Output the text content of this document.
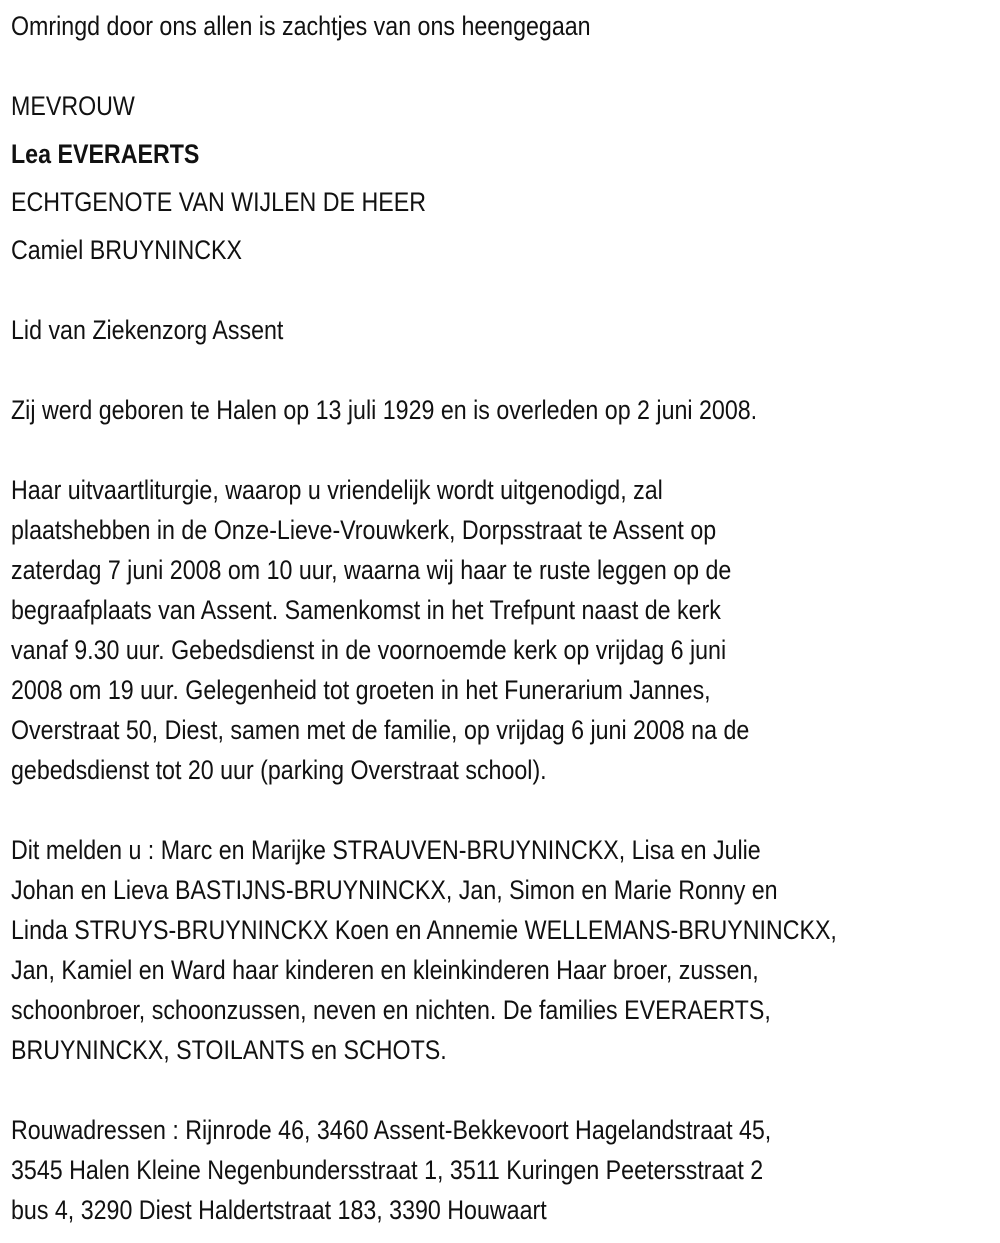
Omringd door ons allen is zachtjes van ons heengegaan
MEVROUW
Lea EVERAERTS
ECHTGENOTE VAN WIJLEN DE HEER
Camiel BRUYNINCKX
Lid van Ziekenzorg Assent
Zij werd geboren te Halen op 13 juli 1929 en is overleden op 2 juni 2008.
Haar uitvaartliturgie, waarop u vriendelijk wordt uitgenodigd, zal
plaatshebben in de Onze-Lieve-Vrouwkerk, Dorpsstraat te Assent op
zaterdag 7 juni 2008 om 10 uur, waarna wij haar te ruste leggen op de
begraafplaats van Assent. Samenkomst in het Trefpunt naast de kerk
vanaf 9.30 uur. Gebedsdienst in de voornoemde kerk op vrijdag 6 juni
2008 om 19 uur. Gelegenheid tot groeten in het Funerarium Jannes,
Overstraat 50, Diest, samen met de familie, op vrijdag 6 juni 2008 na de
gebedsdienst tot 20 uur (parking Overstraat school).
Dit melden u : Marc en Marijke STRAUVEN-BRUYNINCKX, Lisa en Julie
Johan en Lieva BASTIJNS-BRUYNINCKX, Jan, Simon en Marie Ronny en
Linda STRUYS-BRUYNINCKX Koen en Annemie WELLEMANS-BRUYNINCKX,
Jan, Kamiel en Ward haar kinderen en kleinkinderen Haar broer, zussen,
schoonbroer, schoonzussen, neven en nichten. De families EVERAERTS,
BRUYNINCKX, STOILANTS en SCHOTS.
Rouwadressen : Rijnrode 46, 3460 Assent-Bekkevoort Hagelandstraat 45,
3545 Halen Kleine Negenbundersstraat 1, 3511 Kuringen Peetersstraat 2
bus 4, 3290 Diest Haldertstraat 183, 3390 Houwaart
